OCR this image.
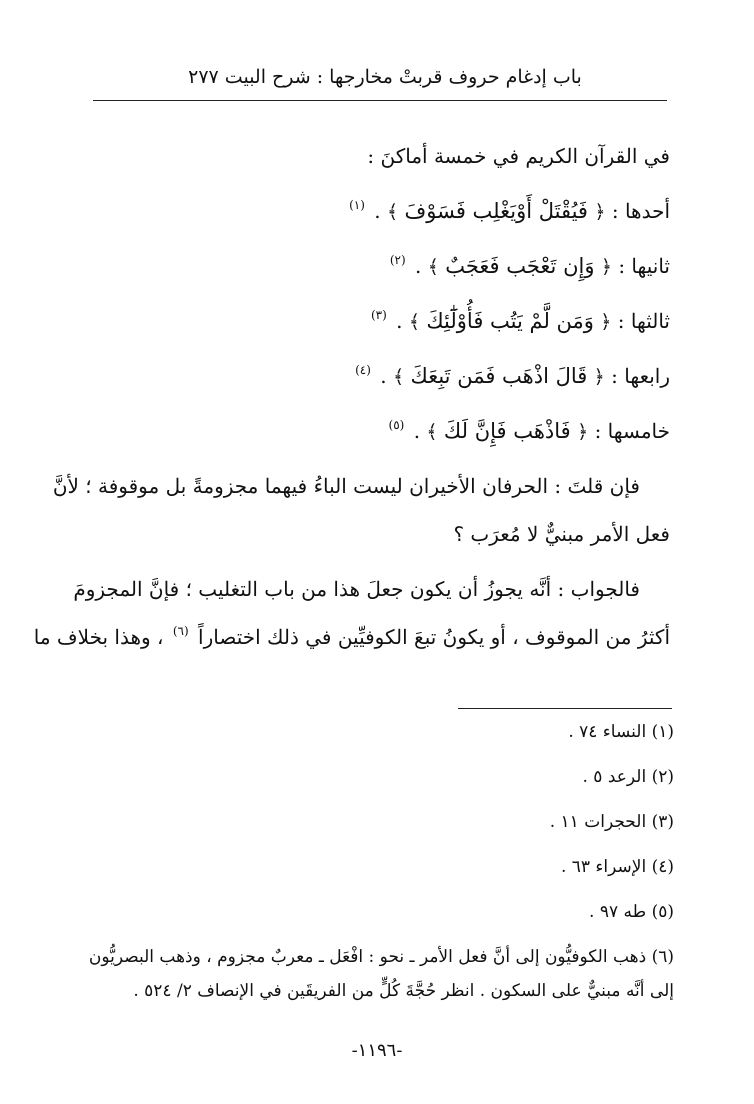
باب إدغام حروف قربتْ مخارجها : شرح البيت ٢٧٧
في القرآن الكريم في خمسة أماكنَ :
أحدها : ﴿ فَيُقْتَلْ أَوْيَغْلِب فَسَوْفَ ﴾ . $^{(١)}$
ثانيها : ﴿ وَإِن تَعْجَب فَعَجَبٌ ﴾ . $^{(٢)}$
ثالثها : ﴿ وَمَن لَّمْ يَتُب فَأُوْلَٰٓئِكَ ﴾ . $^{(٣)}$
رابعها : ﴿ قَالَ اذْهَب فَمَن تَبِعَكَ ﴾ . $^{(٤)}$
خامسها : ﴿ فَاذْهَب فَإِنَّ لَكَ ﴾ . $^{(٥)}$
فإن قلتَ : الحرفان الأخيران ليست الباءُ فيهما مجزومةً بل موقوفة ؛ لأنَّ
فعل الأمر مبنيٌّ لا مُعرَب ؟
فالجواب : أنَّه يجوزُ أن يكون جعلَ هذا من باب التغليب ؛ فإنَّ المجزومَ
أكثرُ من الموقوف ، أو يكونُ تبعَ الكوفيِّين في ذلك اختصاراً $^{(٦)}$ ، وهذا بخلاف ما
(١) النساء ٧٤ .
(٢) الرعد ٥ .
(٣) الحجرات ١١ .
(٤) الإسراء ٦٣ .
(٥) طه ٩٧ .
(٦) ذهب الكوفيُّون إلى أنَّ فعل الأمر ـ نحو : افْعَل ـ معربٌ مجزوم ، وذهب البصريُّون
إلى أنَّه مبنيٌّ على السكون . انظر حُجَّةَ كُلٍّ من الفريقَين في الإنصاف ٢/ ٥٢٤ .
-١١٩٦-
